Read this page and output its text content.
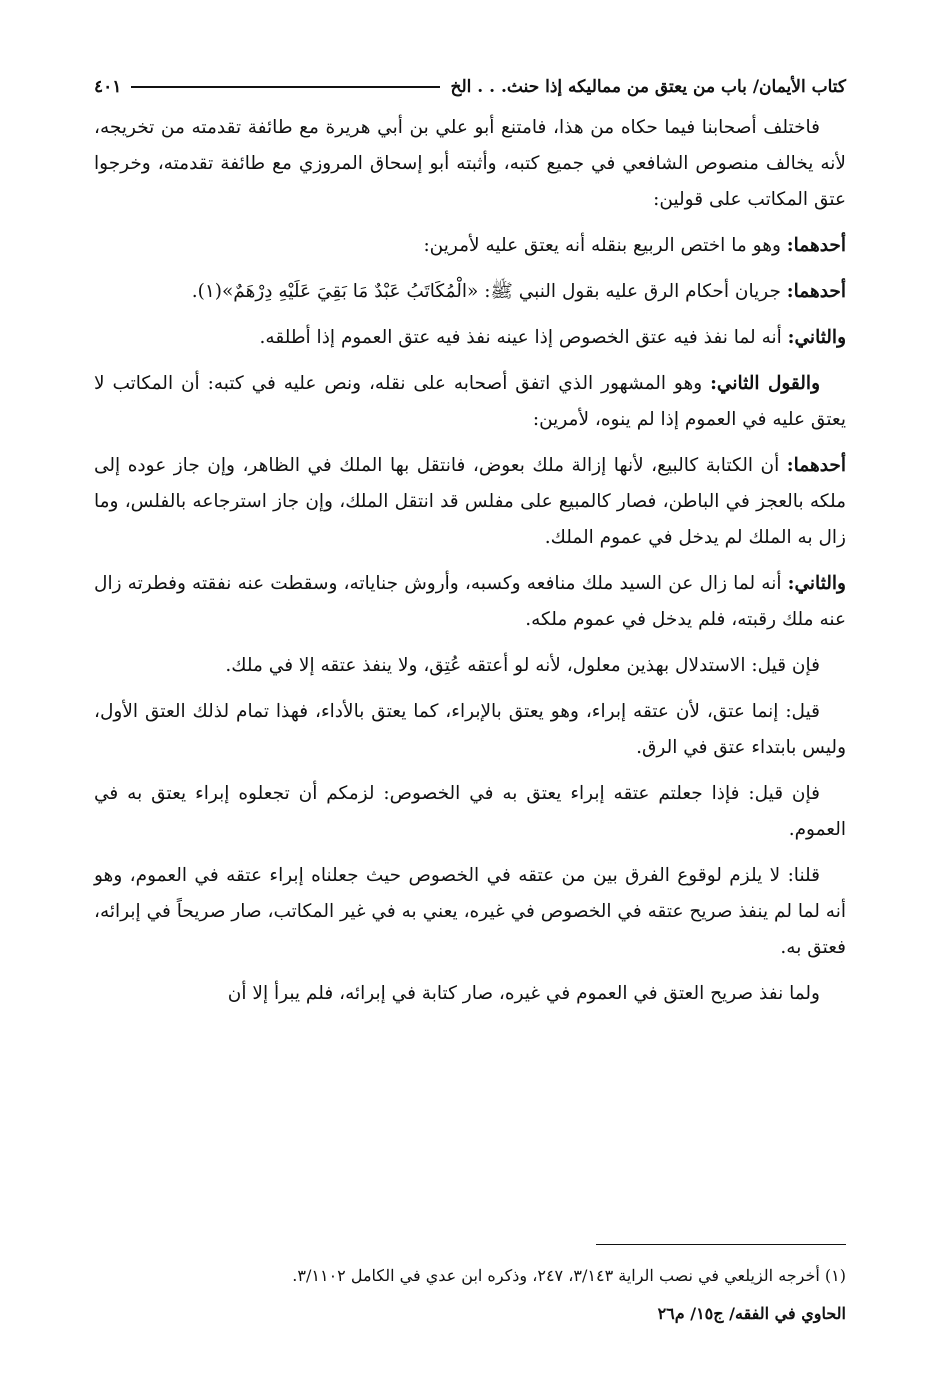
كتاب الأيمان/ باب من يعتق من مماليكه إذا حنث. . . الخ
٤٠١

فاختلف أصحابنا فيما حكاه من هذا، فامتنع أبو علي بن أبي هريرة مع طائفة تقدمته من تخريجه، لأنه يخالف منصوص الشافعي في جميع كتبه، وأثبته أبو إسحاق المروزي مع طائفة تقدمته، وخرجوا عتق المكاتب على قولين:

أحدهما: وهو ما اختص الربيع بنقله أنه يعتق عليه لأمرين:

أحدهما: جريان أحكام الرق عليه بقول النبي ﷺ: «الْمُكَاتَبُ عَبْدٌ مَا بَقِيَ عَلَيْهِ دِرْهَمٌ»(١).

والثاني: أنه لما نفذ فيه عتق الخصوص إذا عينه نفذ فيه عتق العموم إذا أطلقه.

والقول الثاني: وهو المشهور الذي اتفق أصحابه على نقله، ونص عليه في كتبه: أن المكاتب لا يعتق عليه في العموم إذا لم ينوه، لأمرين:

أحدهما: أن الكتابة كالبيع، لأنها إزالة ملك بعوض، فانتقل بها الملك في الظاهر، وإن جاز عوده إلى ملكه بالعجز في الباطن، فصار كالمبيع على مفلس قد انتقل الملك، وإن جاز استرجاعه بالفلس، وما زال به الملك لم يدخل في عموم الملك.

والثاني: أنه لما زال عن السيد ملك منافعه وكسبه، وأروش جناياته، وسقطت عنه نفقته وفطرته زال عنه ملك رقبته، فلم يدخل في عموم ملكه.

فإن قيل: الاستدلال بهذين معلول، لأنه لو أعتقه عُتِق، ولا ينفذ عتقه إلا في ملك.

قيل: إنما عتق، لأن عتقه إبراء، وهو يعتق بالإبراء، كما يعتق بالأداء، فهذا تمام لذلك العتق الأول، وليس بابتداء عتق في الرق.

فإن قيل: فإذا جعلتم عتقه إبراء يعتق به في الخصوص: لزمكم أن تجعلوه إبراء يعتق به في العموم.

قلنا: لا يلزم لوقوع الفرق بين من عتقه في الخصوص حيث جعلناه إبراء عتقه في العموم، وهو أنه لما لم ينفذ صريح عتقه في الخصوص في غيره، يعني به في غير المكاتب، صار صريحاً في إبرائه، فعتق به.

ولما نفذ صريح العتق في العموم في غيره، صار كتابة في إبرائه، فلم يبرأ إلا أن

(١) أخرجه الزيلعي في نصب الراية ٣/١٤٣، ٢٤٧، وذكره ابن عدي في الكامل ٣/١١٠٢.
الحاوي في الفقه/ ج١٥/ م٢٦
